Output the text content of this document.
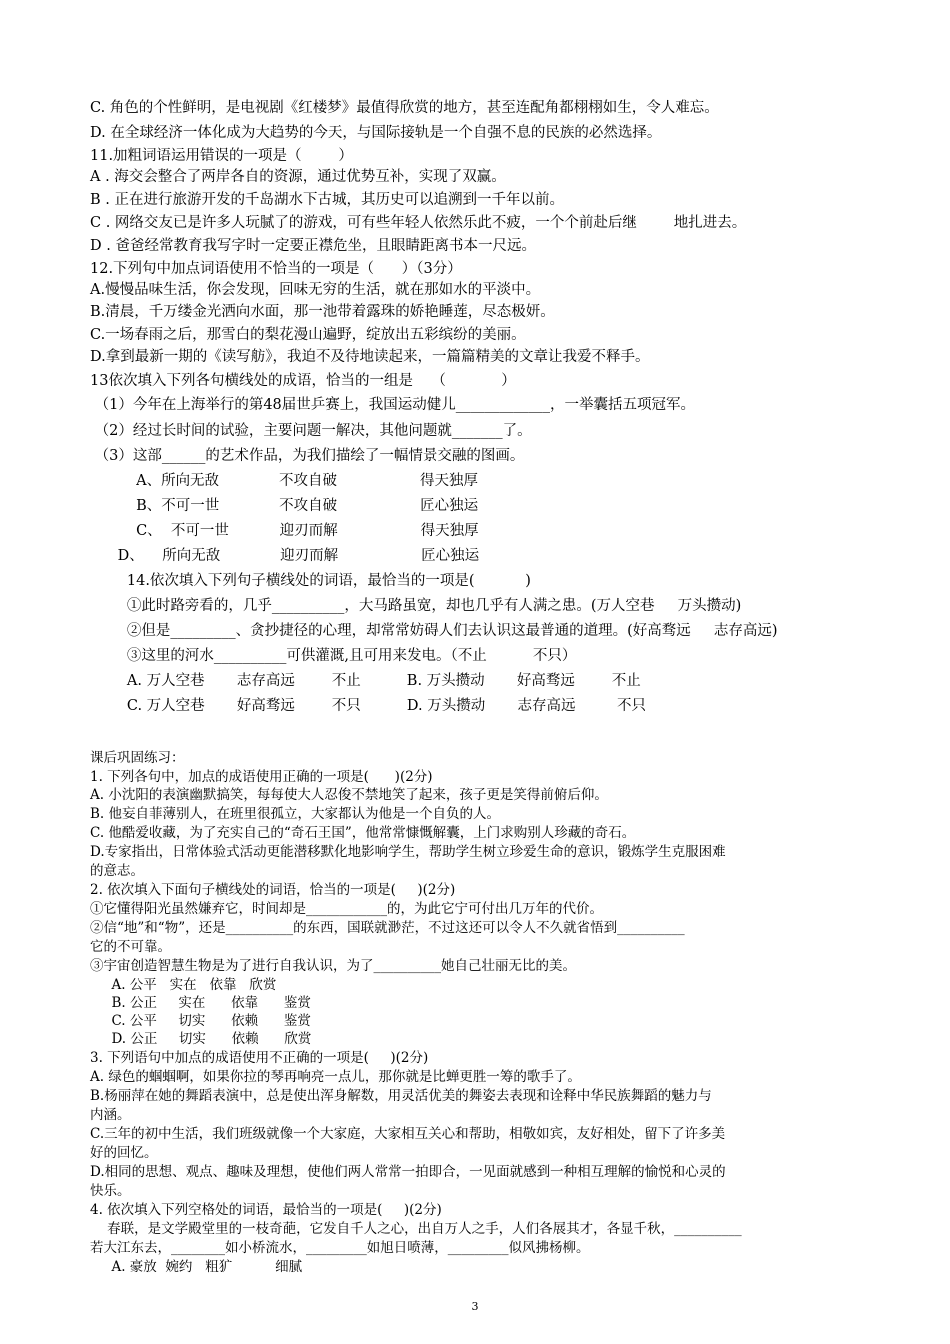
C. 角色的个性鲜明，是电视剧《红楼梦》最值得欣赏的地方，甚至连配角都栩栩如生，令人难忘。
D. 在全球经济一体化成为大趋势的今天，与国际接轨是一个自强不息的民族的必然选择。
11.加粗词语运用错误的一项是（        ）
A . 海交会整合了两岸各自的资源，通过优势互补，实现了双赢。
B . 正在进行旅游开发的千岛湖水下古城，其历史可以追溯到一千年以前。
C . 网络交友已是许多人玩腻了的游戏，可有些年轻人依然乐此不疲，一个个前赴后继        地扎进去。
D . 爸爸经常教育我写字时一定要正襟危坐，且眼睛距离书本一尺远。
12.下列句中加点词语使用不恰当的一项是（      ）（3分）
A.慢慢品味生活，你会发现，回味无穷的生活，就在那如水的平淡中。
B.清晨，千万缕金光洒向水面，那一池带着露珠的娇艳睡莲，尽态极妍。
C.一场春雨之后，那雪白的梨花漫山遍野，绽放出五彩缤纷的美丽。
D.拿到最新一期的《读写舫》，我迫不及待地读起来，一篇篇精美的文章让我爱不释手。
13依次填入下列各句横线处的成语，恰当的一组是    （            ）
（1）今年在上海举行的第48届世乒赛上，我国运动健儿_____________，一举囊括五项冠军。
（2）经过长时间的试验，主要问题一解决，其他问题就_______了。
（3）这部______的艺术作品，为我们描绘了一幅情景交融的图画。
A、所向无敌             不攻自破                  得天独厚
B、不可一世             不攻自破                  匠心独运
C、  不可一世           迎刃而解                  得天独厚
D、    所向无敌             迎刃而解                  匠心独运
14.依次填入下列句子横线处的词语，最恰当的一项是(           )
①此时路旁看的，几乎__________，大马路虽宽，却也几乎有人满之患。(万人空巷     万头攒动)
②但是_________、贪抄捷径的心理，却常常妨碍人们去认识这最普通的道理。(好高骛远     志存高远)
③这里的河水__________可供灌溉,且可用来发电。（不止          不只）
A. 万人空巷       志存高远        不止          B. 万头攒动       好高骛远        不止
C. 万人空巷       好高骛远        不只          D. 万头攒动       志存高远         不只
课后巩固练习：
1. 下列各句中，加点的成语使用正确的一项是(      )(2分)
A. 小沈阳的表演幽默搞笑，每每使大人忍俊不禁地笑了起来，孩子更是笑得前俯后仰。
B. 他妄自菲薄别人，在班里很孤立，大家都认为他是一个自负的人。
C. 他酷爱收藏，为了充实自己的“奇石王国”，他常常慷慨解囊，上门求购别人珍藏的奇石。
D.专家指出，日常体验式活动更能潜移默化地影响学生，帮助学生树立珍爱生命的意识，锻炼学生克服困难
的意志。
2. 依次填入下面句子横线处的词语，恰当的一项是(     )(2分)
①它懂得阳光虽然嫌弃它，时间却是____________的，为此它宁可付出几万年的代价。
②信“地”和“物”，还是__________的东西，国联就渺茫，不过这还可以令人不久就省悟到__________
它的不可靠。
③宇宙创造智慧生物是为了进行自我认识，为了__________她自己壮丽无比的美。
A. 公平   实在   依靠   欣赏
B. 公正     实在      依靠      鉴赏
C. 公平     切实      依赖      鉴赏
D. 公正     切实      依赖      欣赏
3. 下列语句中加点的成语使用不正确的一项是(     )(2分)
A. 绿色的蝈蝈啊，如果你拉的琴再响亮一点儿，那你就是比蝉更胜一筹的歌手了。
B.杨丽萍在她的舞蹈表演中，总是使出浑身解数，用灵活优美的舞姿去表现和诠释中华民族舞蹈的魅力与
内涵。
C.三年的初中生活，我们班级就像一个大家庭，大家相互关心和帮助，相敬如宾，友好相处，留下了许多美
好的回忆。
D.相同的思想、观点、趣味及理想，使他们两人常常一拍即合，一见面就感到一种相互理解的愉悦和心灵的
快乐。
4. 依次填入下列空格处的词语，最恰当的一项是(     )(2分)
春联，是文学殿堂里的一枝奇葩，它发自千人之心，出自万人之手，人们各展其才，各显千秋，__________
若大江东去，________如小桥流水，_________如旭日喷薄，_________似风拂杨柳。
A. 豪放  婉约   粗犷          细腻
3
